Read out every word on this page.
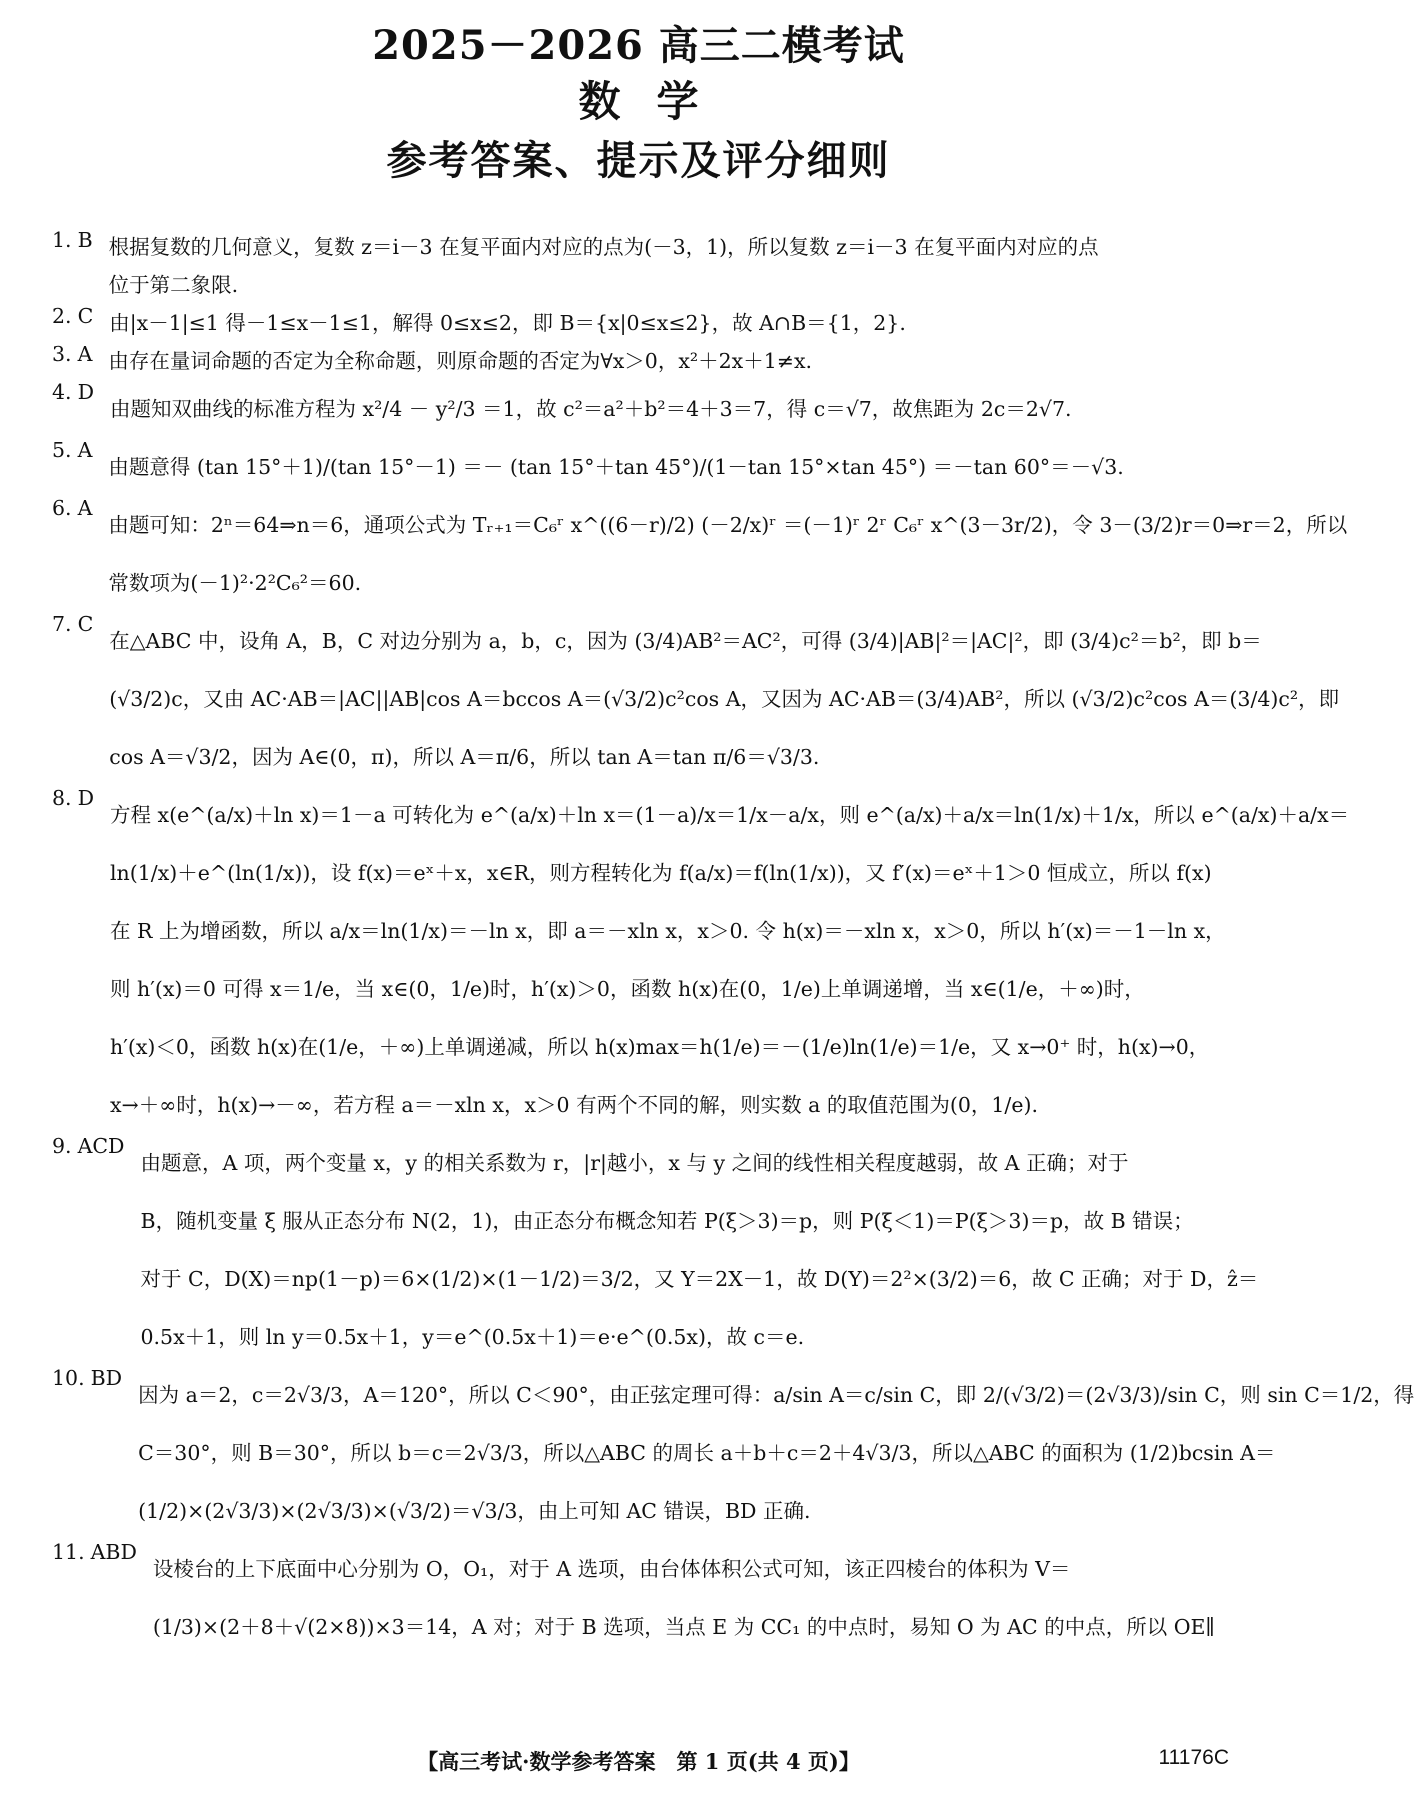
2025－2026 高三二模考试
数学
参考答案、提示及评分细则
1. B 根据复数的几何意义，复数 z＝i－3 在复平面内对应的点为(－3，1)，所以复数 z＝i－3 在复平面内对应的点
位于第二象限.
2. C 由|x－1|≤1 得－1≤x－1≤1，解得 0≤x≤2，即 B＝{x|0≤x≤2}，故 A∩B＝{1，2}.
3. A 由存在量词命题的否定为全称命题，则原命题的否定为∀x＞0，x²＋2x＋1≠x.
4. D
由题知双曲线的标准方程为 x²/4 － y²/3 ＝1，故 c²＝a²＋b²＝4＋3＝7，得 c＝√7，故焦距为 2c＝2√7.
5. A
由题意得 (tan 15°＋1)/(tan 15°－1) ＝－ (tan 15°＋tan 45°)/(1－tan 15°×tan 45°) ＝－tan 60°＝－√3.
6. A
由题可知：2ⁿ＝64⇒n＝6，通项公式为 Tᵣ₊₁＝C₆ʳ x^((6－r)/2) (－2/x)ʳ ＝(－1)ʳ 2ʳ C₆ʳ x^(3－3r/2)，令 3－(3/2)r＝0⇒r＝2，所以
常数项为(－1)²·2²C₆²＝60.
7. C
在△ABC 中，设角 A，B，C 对边分别为 a，b，c，因为 (3/4)AB²＝AC²，可得 (3/4)|AB|²＝|AC|²，即 (3/4)c²＝b²，即 b＝
(√3/2)c，又由 AC·AB＝|AC||AB|cos A＝bccos A＝(√3/2)c²cos A，又因为 AC·AB＝(3/4)AB²，所以 (√3/2)c²cos A＝(3/4)c²，即
cos A＝√3/2，因为 A∈(0，π)，所以 A＝π/6，所以 tan A＝tan π/6＝√3/3.
8. D
方程 x(e^(a/x)＋ln x)＝1－a 可转化为 e^(a/x)＋ln x＝(1－a)/x＝1/x－a/x，则 e^(a/x)＋a/x＝ln(1/x)＋1/x，所以 e^(a/x)＋a/x＝
ln(1/x)＋e^(ln(1/x))，设 f(x)＝eˣ＋x，x∈R，则方程转化为 f(a/x)＝f(ln(1/x))，又 f′(x)＝eˣ＋1＞0 恒成立，所以 f(x)
在 R 上为增函数，所以 a/x＝ln(1/x)＝－ln x，即 a＝－xln x，x＞0. 令 h(x)＝－xln x，x＞0，所以 h′(x)＝－1－ln x，
则 h′(x)＝0 可得 x＝1/e，当 x∈(0，1/e)时，h′(x)＞0，函数 h(x)在(0，1/e)上单调递增，当 x∈(1/e，＋∞)时，
h′(x)＜0，函数 h(x)在(1/e，＋∞)上单调递减，所以 h(x)max＝h(1/e)＝－(1/e)ln(1/e)＝1/e，又 x→0⁺ 时，h(x)→0，
x→＋∞时，h(x)→－∞，若方程 a＝－xln x，x＞0 有两个不同的解，则实数 a 的取值范围为(0，1/e).
9. ACD
由题意，A 项，两个变量 x，y 的相关系数为 r，|r|越小，x 与 y 之间的线性相关程度越弱，故 A 正确；对于
B，随机变量 ξ 服从正态分布 N(2，1)，由正态分布概念知若 P(ξ＞3)＝p，则 P(ξ＜1)＝P(ξ＞3)＝p，故 B 错误；
对于 C，D(X)＝np(1－p)＝6×(1/2)×(1－1/2)＝3/2，又 Y＝2X－1，故 D(Y)＝2²×(3/2)＝6，故 C 正确；对于 D，ẑ＝
0.5x＋1，则 ln y＝0.5x＋1，y＝e^(0.5x＋1)＝e·e^(0.5x)，故 c＝e.
10. BD
因为 a＝2，c＝2√3/3，A＝120°，所以 C＜90°，由正弦定理可得：a/sin A＝c/sin C，即 2/(√3/2)＝(2√3/3)/sin C，则 sin C＝1/2，得
C＝30°，则 B＝30°，所以 b＝c＝2√3/3，所以△ABC 的周长 a＋b＋c＝2＋4√3/3，所以△ABC 的面积为 (1/2)bcsin A＝
(1/2)×(2√3/3)×(2√3/3)×(√3/2)＝√3/3，由上可知 AC 错误，BD 正确.
11. ABD
设棱台的上下底面中心分别为 O，O₁，对于 A 选项，由台体体积公式可知，该正四棱台的体积为 V＝
(1/3)×(2＋8＋√(2×8))×3＝14，A 对；对于 B 选项，当点 E 为 CC₁ 的中点时，易知 O 为 AC 的中点，所以 OE∥
【高三考试·数学参考答案　第 1 页(共 4 页)】	11176C
